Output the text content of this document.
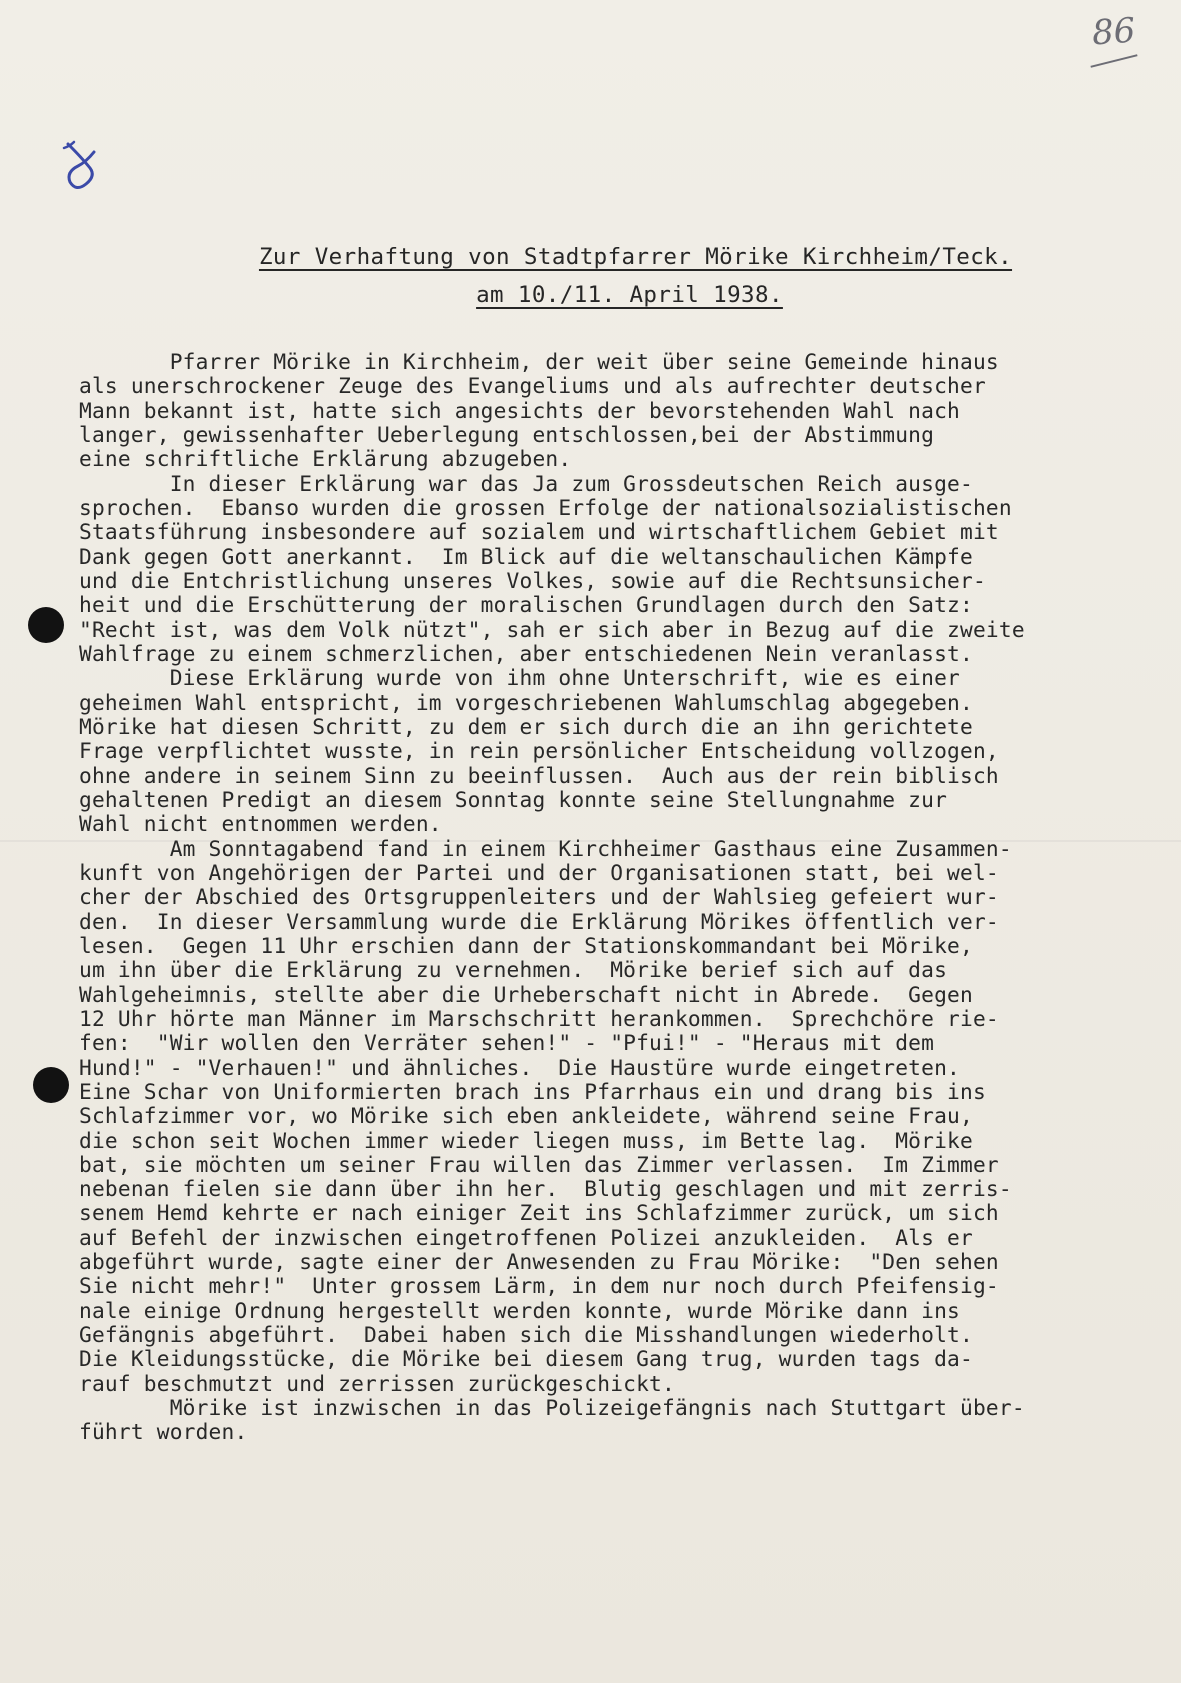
86
Zur Verhaftung von Stadtpfarrer Mörike Kirchheim/Teck.
am 10./11. April 1938.
Pfarrer Mörike in Kirchheim, der weit über seine Gemeinde hinaus
als unerschrockener Zeuge des Evangeliums und als aufrechter deutscher
Mann bekannt ist, hatte sich angesichts der bevorstehenden Wahl nach
langer, gewissenhafter Ueberlegung entschlossen,bei der Abstimmung
eine schriftliche Erklärung abzugeben.
In dieser Erklärung war das Ja zum Grossdeutschen Reich ausge-
sprochen.  Ebanso wurden die grossen Erfolge der nationalsozialistischen
Staatsführung insbesondere auf sozialem und wirtschaftlichem Gebiet mit
Dank gegen Gott anerkannt.  Im Blick auf die weltanschaulichen Kämpfe
und die Entchristlichung unseres Volkes, sowie auf die Rechtsunsicher-
heit und die Erschütterung der moralischen Grundlagen durch den Satz:
"Recht ist, was dem Volk nützt", sah er sich aber in Bezug auf die zweite
Wahlfrage zu einem schmerzlichen, aber entschiedenen Nein veranlasst.
Diese Erklärung wurde von ihm ohne Unterschrift, wie es einer
geheimen Wahl entspricht, im vorgeschriebenen Wahlumschlag abgegeben.
Mörike hat diesen Schritt, zu dem er sich durch die an ihn gerichtete
Frage verpflichtet wusste, in rein persönlicher Entscheidung vollzogen,
ohne andere in seinem Sinn zu beeinflussen.  Auch aus der rein biblisch
gehaltenen Predigt an diesem Sonntag konnte seine Stellungnahme zur
Wahl nicht entnommen werden.
Am Sonntagabend fand in einem Kirchheimer Gasthaus eine Zusammen-
kunft von Angehörigen der Partei und der Organisationen statt, bei wel-
cher der Abschied des Ortsgruppenleiters und der Wahlsieg gefeiert wur-
den.  In dieser Versammlung wurde die Erklärung Mörikes öffentlich ver-
lesen.  Gegen 11 Uhr erschien dann der Stationskommandant bei Mörike,
um ihn über die Erklärung zu vernehmen.  Mörike berief sich auf das
Wahlgeheimnis, stellte aber die Urheberschaft nicht in Abrede.  Gegen
12 Uhr hörte man Männer im Marschschritt herankommen.  Sprechchöre rie-
fen:  "Wir wollen den Verräter sehen!" - "Pfui!" - "Heraus mit dem
Hund!" - "Verhauen!" und ähnliches.  Die Haustüre wurde eingetreten.
Eine Schar von Uniformierten brach ins Pfarrhaus ein und drang bis ins
Schlafzimmer vor, wo Mörike sich eben ankleidete, während seine Frau,
die schon seit Wochen immer wieder liegen muss, im Bette lag.  Mörike
bat, sie möchten um seiner Frau willen das Zimmer verlassen.  Im Zimmer
nebenan fielen sie dann über ihn her.  Blutig geschlagen und mit zerris-
senem Hemd kehrte er nach einiger Zeit ins Schlafzimmer zurück, um sich
auf Befehl der inzwischen eingetroffenen Polizei anzukleiden.  Als er
abgeführt wurde, sagte einer der Anwesenden zu Frau Mörike:  "Den sehen
Sie nicht mehr!"  Unter grossem Lärm, in dem nur noch durch Pfeifensig-
nale einige Ordnung hergestellt werden konnte, wurde Mörike dann ins
Gefängnis abgeführt.  Dabei haben sich die Misshandlungen wiederholt.
Die Kleidungsstücke, die Mörike bei diesem Gang trug, wurden tags da-
rauf beschmutzt und zerrissen zurückgeschickt.
Mörike ist inzwischen in das Polizeigefängnis nach Stuttgart über-
führt worden.
